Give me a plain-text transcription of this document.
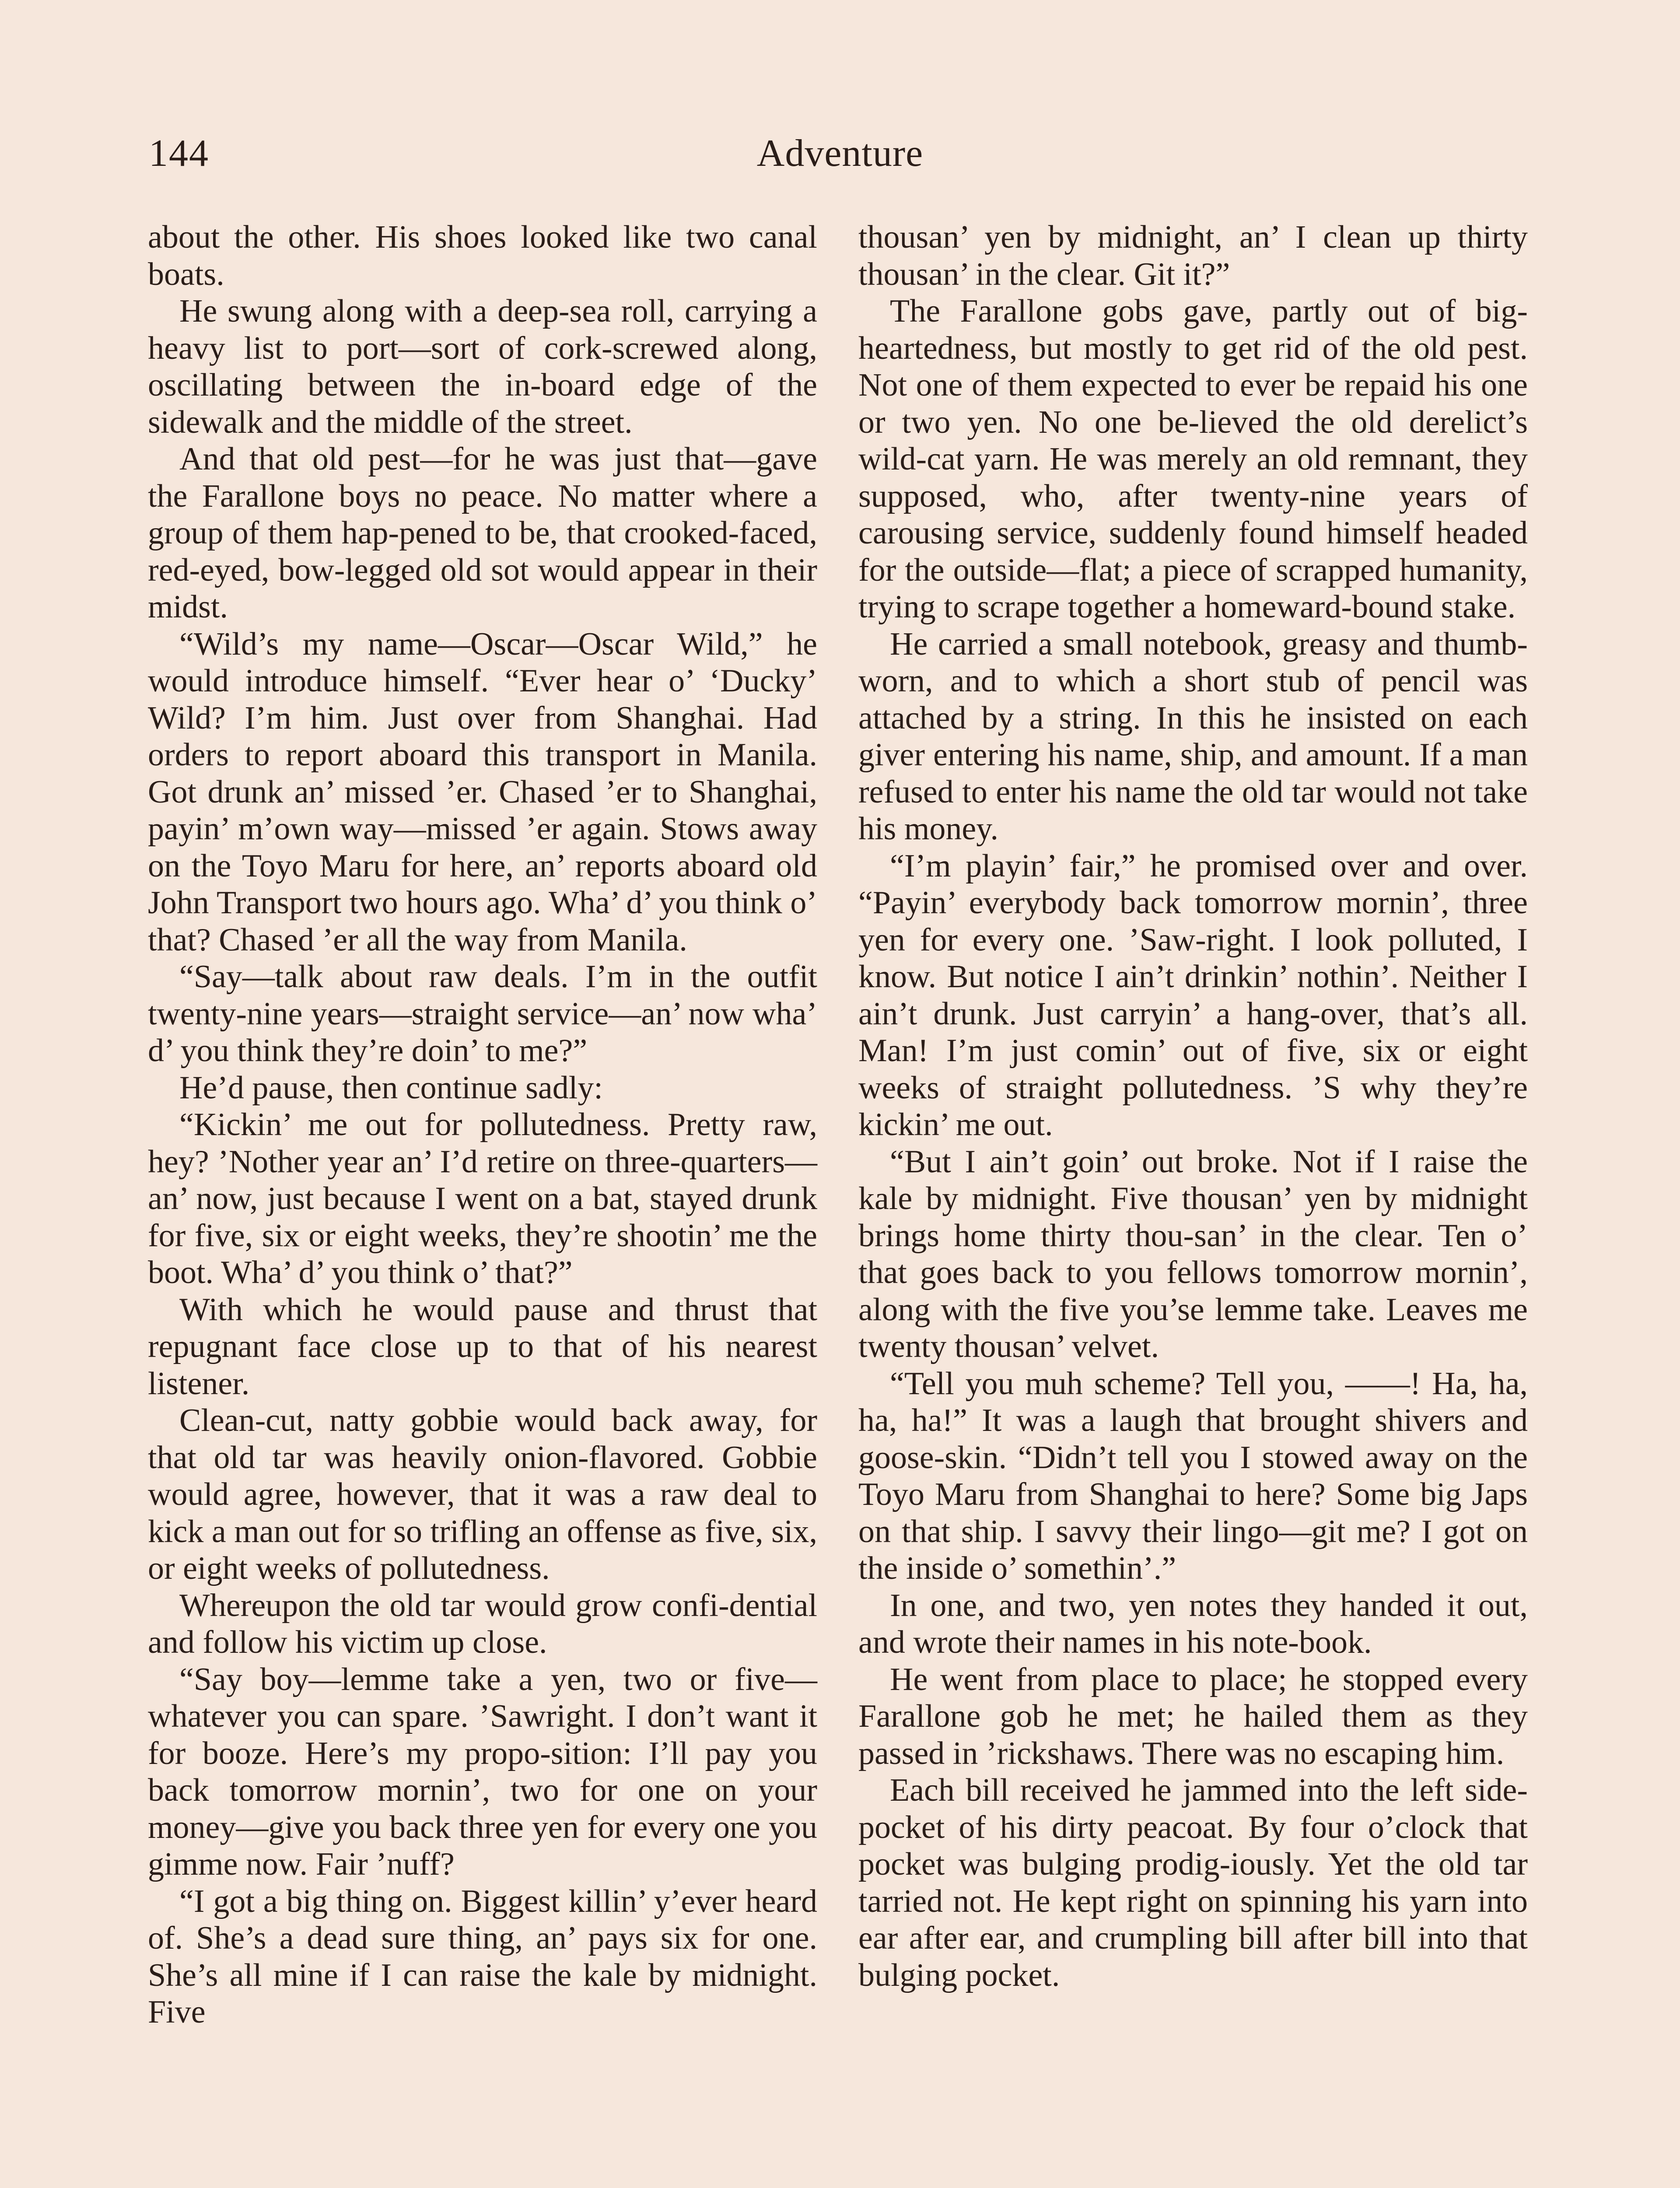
144	Adventure

about the other. His shoes looked like two canal boats.

He swung along with a deep-sea roll, carrying a heavy list to port—sort of cork-screwed along, oscillating between the in-board edge of the sidewalk and the middle of the street.

And that old pest—for he was just that—gave the Farallone boys no peace. No matter where a group of them hap-pened to be, that crooked-faced, red-eyed, bow-legged old sot would appear in their midst.

“Wild’s my name—Oscar—Oscar Wild,” he would introduce himself. “Ever hear o’ ‘Ducky’ Wild? I’m him. Just over from Shanghai. Had orders to report aboard this transport in Manila. Got drunk an’ missed ’er. Chased ’er to Shanghai, payin’ m’own way—missed ’er again. Stows away on the Toyo Maru for here, an’ reports aboard old John Transport two hours ago. Wha’ d’ you think o’ that? Chased ’er all the way from Manila.

“Say—talk about raw deals. I’m in the outfit twenty-nine years—straight service—an’ now wha’ d’ you think they’re doin’ to me?”

He’d pause, then continue sadly:

“Kickin’ me out for pollutedness. Pretty raw, hey? ’Nother year an’ I’d retire on three-quarters—an’ now, just because I went on a bat, stayed drunk for five, six or eight weeks, they’re shootin’ me the boot. Wha’ d’ you think o’ that?”

With which he would pause and thrust that repugnant face close up to that of his nearest listener.

Clean-cut, natty gobbie would back away, for that old tar was heavily onion-flavored. Gobbie would agree, however, that it was a raw deal to kick a man out for so trifling an offense as five, six, or eight weeks of pollutedness.

Whereupon the old tar would grow confi-dential and follow his victim up close.

“Say boy—lemme take a yen, two or five—whatever you can spare. ’Sawright. I don’t want it for booze. Here’s my propo-sition: I’ll pay you back tomorrow mornin’, two for one on your money—give you back three yen for every one you gimme now. Fair ’nuff?

“I got a big thing on. Biggest killin’ y’ever heard of. She’s a dead sure thing, an’ pays six for one. She’s all mine if I can raise the kale by midnight. Five

thousan’ yen by midnight, an’ I clean up thirty thousan’ in the clear. Git it?”

The Farallone gobs gave, partly out of big-heartedness, but mostly to get rid of the old pest. Not one of them expected to ever be repaid his one or two yen. No one be-lieved the old derelict’s wild-cat yarn. He was merely an old remnant, they supposed, who, after twenty-nine years of carousing service, suddenly found himself headed for the outside—flat; a piece of scrapped humanity, trying to scrape together a homeward-bound stake.

He carried a small notebook, greasy and thumb-worn, and to which a short stub of pencil was attached by a string. In this he insisted on each giver entering his name, ship, and amount. If a man refused to enter his name the old tar would not take his money.

“I’m playin’ fair,” he promised over and over. “Payin’ everybody back tomorrow mornin’, three yen for every one. ’Saw-right. I look polluted, I know. But notice I ain’t drinkin’ nothin’. Neither I ain’t drunk. Just carryin’ a hang-over, that’s all. Man! I’m just comin’ out of five, six or eight weeks of straight pollutedness. ’S why they’re kickin’ me out.

“But I ain’t goin’ out broke. Not if I raise the kale by midnight. Five thousan’ yen by midnight brings home thirty thou-san’ in the clear. Ten o’ that goes back to you fellows tomorrow mornin’, along with the five you’se lemme take. Leaves me twenty thousan’ velvet.

“Tell you muh scheme? Tell you, ——! Ha, ha, ha, ha!” It was a laugh that brought shivers and goose-skin. “Didn’t tell you I stowed away on the Toyo Maru from Shanghai to here? Some big Japs on that ship. I savvy their lingo—git me? I got on the inside o’ somethin’.”

In one, and two, yen notes they handed it out, and wrote their names in his note-book.

He went from place to place; he stopped every Farallone gob he met; he hailed them as they passed in ’rickshaws. There was no escaping him.

Each bill received he jammed into the left side-pocket of his dirty peacoat. By four o’clock that pocket was bulging prodig-iously. Yet the old tar tarried not. He kept right on spinning his yarn into ear after ear, and crumpling bill after bill into that bulging pocket.
